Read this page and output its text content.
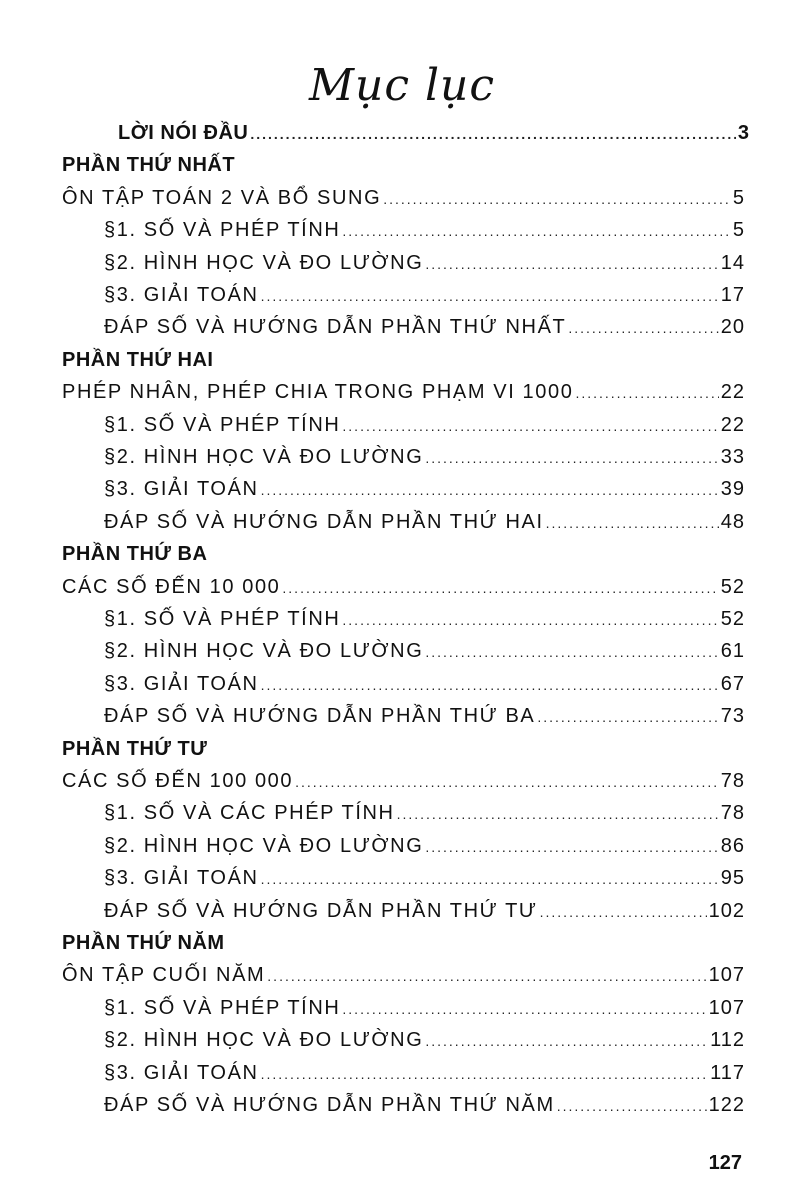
Mục lục
LỜI NÓI ĐẦU .....	3
PHẦN THỨ NHẤT
ÔN TẬP TOÁN 2 VÀ BỔ SUNG .....	5
§1. SỐ VÀ PHÉP TÍNH .....	5
§2. HÌNH HỌC VÀ ĐO LƯỜNG .....	14
§3. GIẢI TOÁN .....	17
ĐÁP SỐ VÀ HƯỚNG DẪN PHẦN THỨ NHẤT .....	20
PHẦN THỨ HAI
PHÉP NHÂN, PHÉP CHIA TRONG PHẠM VI 1000 .....	22
§1. SỐ VÀ PHÉP TÍNH .....	22
§2. HÌNH HỌC VÀ ĐO LƯỜNG .....	33
§3. GIẢI TOÁN .....	39
ĐÁP SỐ VÀ HƯỚNG DẪN PHẦN THỨ HAI .....	48
PHẦN THỨ BA
CÁC SỐ ĐẾN 10 000 .....	52
§1. SỐ VÀ PHÉP TÍNH .....	52
§2. HÌNH HỌC VÀ ĐO LƯỜNG .....	61
§3. GIẢI TOÁN .....	67
ĐÁP SỐ VÀ HƯỚNG DẪN PHẦN THỨ BA .....	73
PHẦN THỨ TƯ
CÁC SỐ ĐẾN 100 000 .....	78
§1. SỐ VÀ CÁC PHÉP TÍNH .....	78
§2. HÌNH HỌC VÀ ĐO LƯỜNG .....	86
§3. GIẢI TOÁN .....	95
ĐÁP SỐ VÀ HƯỚNG DẪN PHẦN THỨ TƯ .....	102
PHẦN THỨ NĂM
ÔN TẬP CUỐI NĂM .....	107
§1. SỐ VÀ PHÉP TÍNH .....	107
§2. HÌNH HỌC VÀ ĐO LƯỜNG .....	112
§3. GIẢI TOÁN .....	117
ĐÁP SỐ VÀ HƯỚNG DẪN PHẦN THỨ NĂM .....	122
127
